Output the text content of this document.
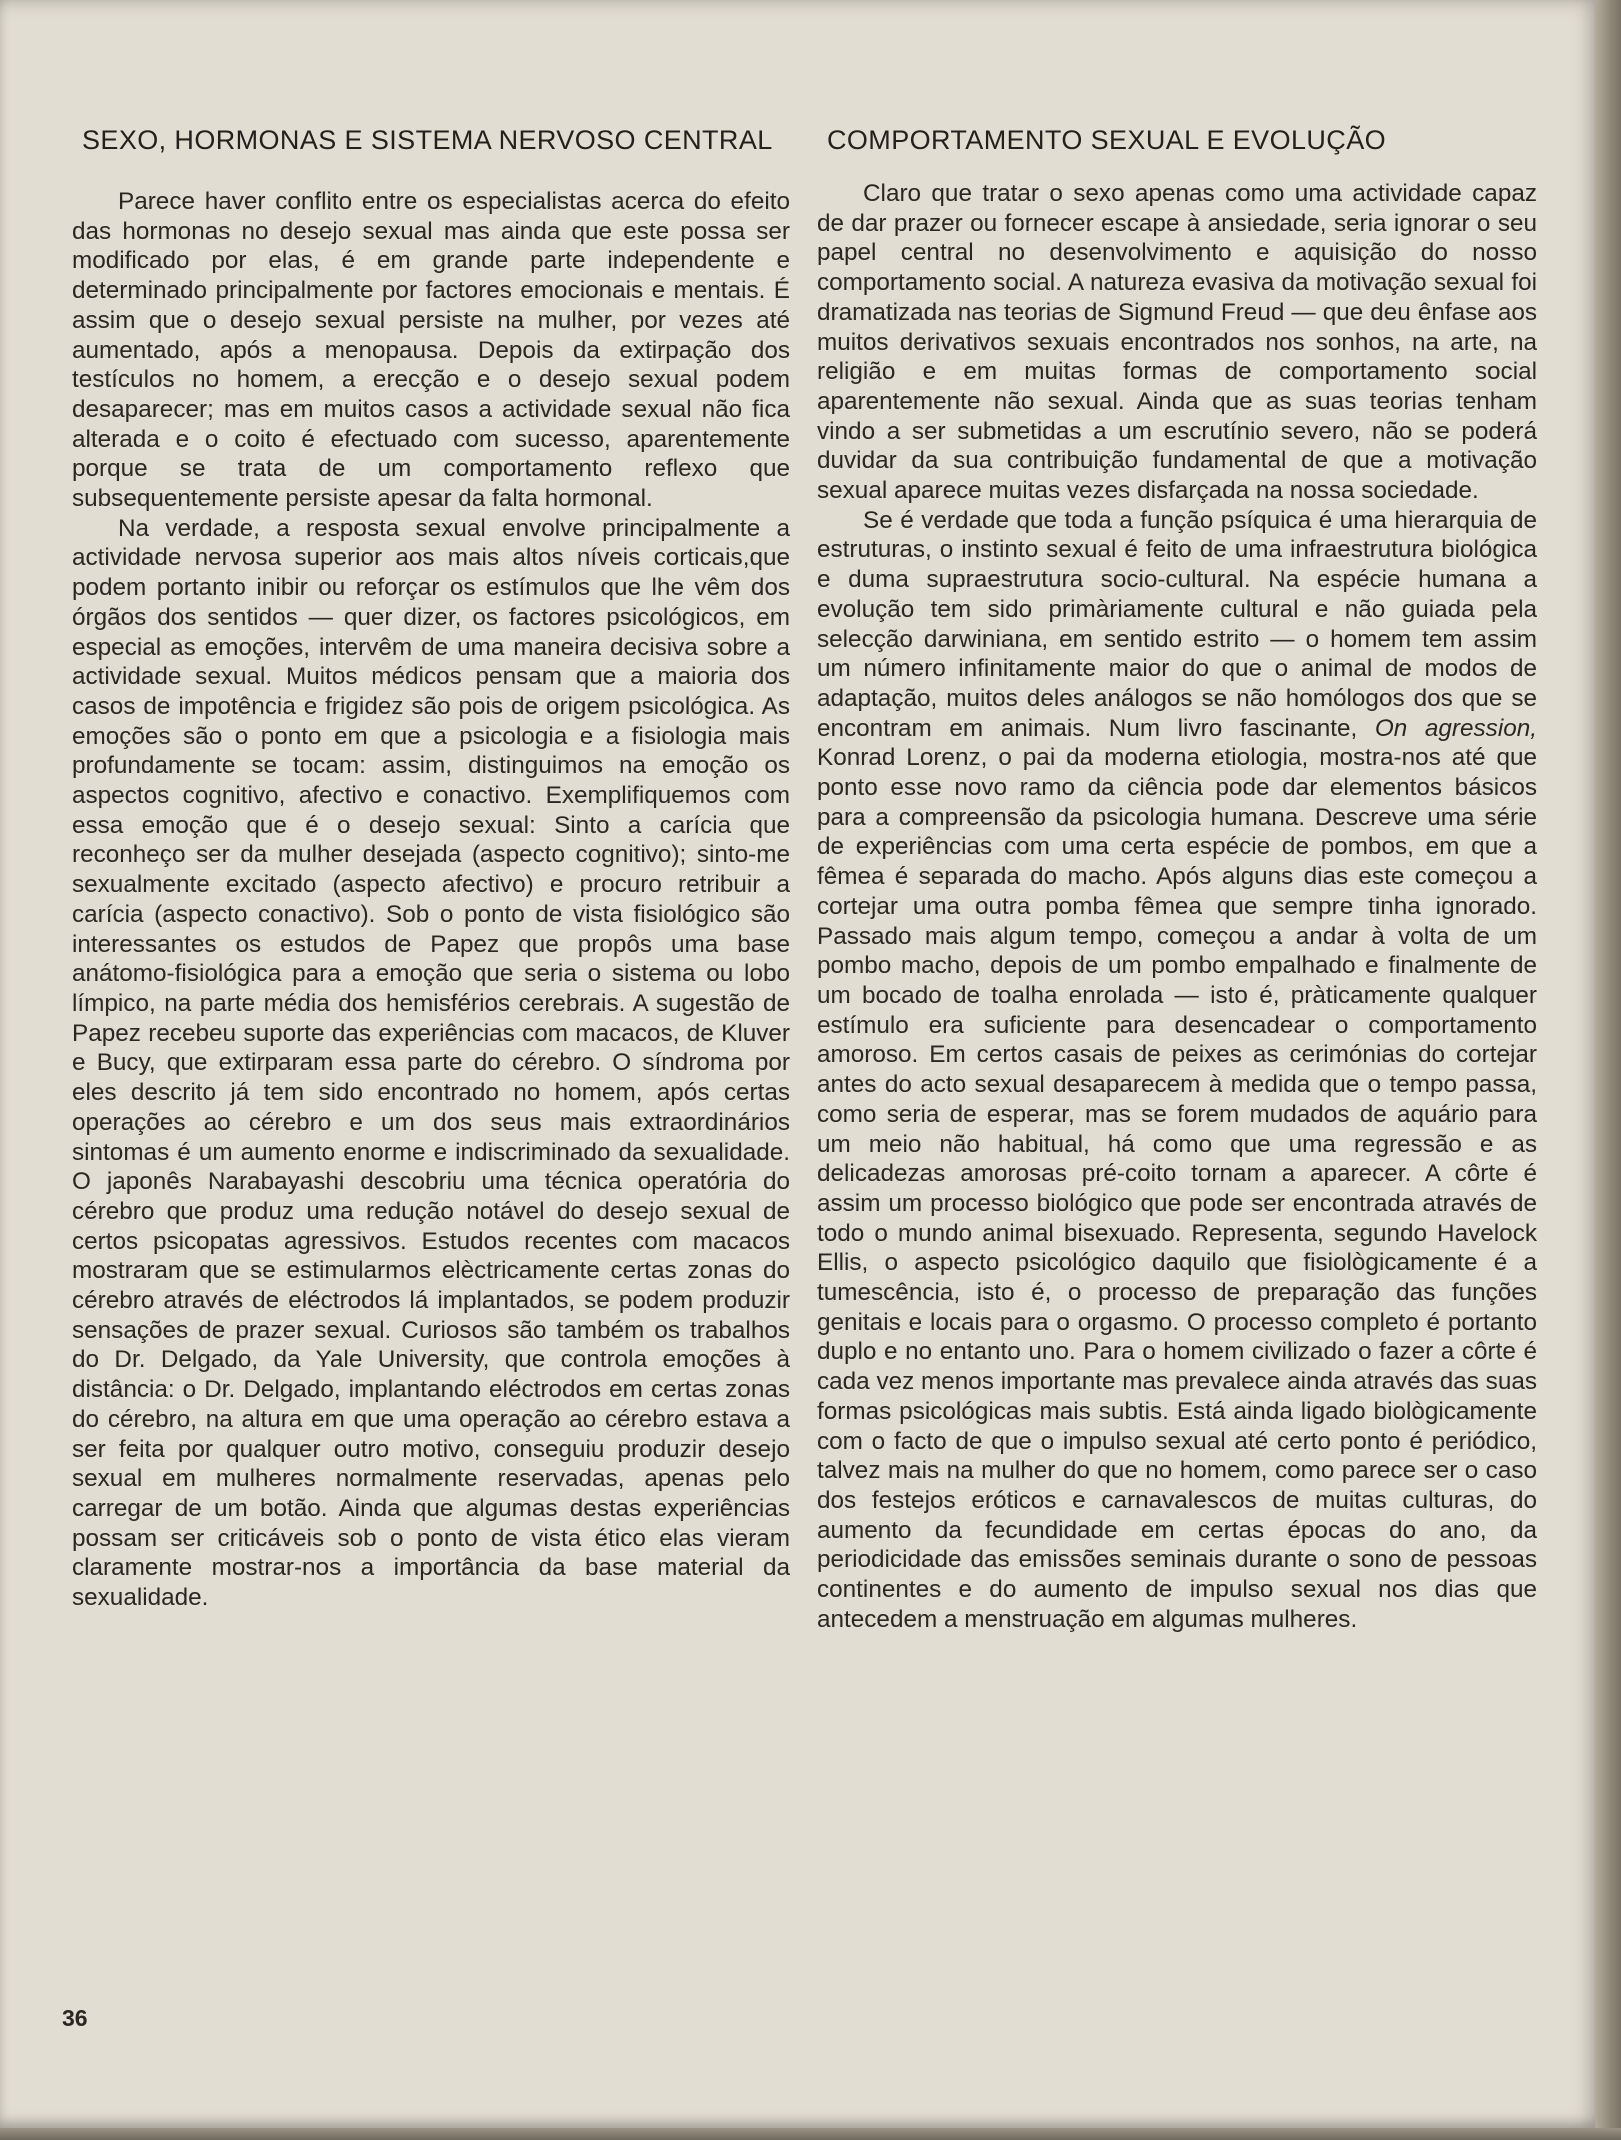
SEXO, HORMONAS E SISTEMA NERVOSO CENTRAL

Parece haver conflito entre os especialistas acerca do efeito das hormonas no desejo sexual mas ainda que este possa ser modificado por elas, é em grande parte independente e determinado principalmente por factores emocionais e mentais. É assim que o desejo sexual persiste na mulher, por vezes até aumentado, após a menopausa. Depois da extirpação dos testículos no homem, a erecção e o desejo sexual podem desaparecer; mas em muitos casos a actividade sexual não fica alterada e o coito é efectuado com sucesso, aparentemente porque se trata de um comportamento reflexo que subsequentemente persiste apesar da falta hormonal.

Na verdade, a resposta sexual envolve principalmente a actividade nervosa superior aos mais altos níveis corticais,que podem portanto inibir ou reforçar os estímulos que lhe vêm dos órgãos dos sentidos — quer dizer, os factores psicológicos, em especial as emoções, intervêm de uma maneira decisiva sobre a actividade sexual. Muitos médicos pensam que a maioria dos casos de impotência e frigidez são pois de origem psicológica. As emoções são o ponto em que a psicologia e a fisiologia mais profundamente se tocam: assim, distinguimos na emoção os aspectos cognitivo, afectivo e conactivo. Exemplifiquemos com essa emoção que é o desejo sexual: Sinto a carícia que reconheço ser da mulher desejada (aspecto cognitivo); sinto-me sexualmente excitado (aspecto afectivo) e procuro retribuir a carícia (aspecto conactivo). Sob o ponto de vista fisiológico são interessantes os estudos de Papez que propôs uma base anátomo-fisiológica para a emoção que seria o sistema ou lobo límpico, na parte média dos hemisférios cerebrais. A sugestão de Papez recebeu suporte das experiências com macacos, de Kluver e Bucy, que extirparam essa parte do cérebro. O síndroma por eles descrito já tem sido encontrado no homem, após certas operações ao cérebro e um dos seus mais extraordinários sintomas é um aumento enorme e indiscriminado da sexualidade. O japonês Narabayashi descobriu uma técnica operatória do cérebro que produz uma redução notável do desejo sexual de certos psicopatas agressivos. Estudos recentes com macacos mostraram que se estimularmos elèctricamente certas zonas do cérebro através de eléctrodos lá implantados, se podem produzir sensações de prazer sexual. Curiosos são também os trabalhos do Dr. Delgado, da Yale University, que controla emoções à distância: o Dr. Delgado, implantando eléctrodos em certas zonas do cérebro, na altura em que uma operação ao cérebro estava a ser feita por qualquer outro motivo, conseguiu produzir desejo sexual em mulheres normalmente reservadas, apenas pelo carregar de um botão. Ainda que algumas destas experiências possam ser criticáveis sob o ponto de vista ético elas vieram claramente mostrar-nos a importância da base material da sexualidade.

COMPORTAMENTO SEXUAL E EVOLUÇÃO

Claro que tratar o sexo apenas como uma actividade capaz de dar prazer ou fornecer escape à ansiedade, seria ignorar o seu papel central no desenvolvimento e aquisição do nosso comportamento social. A natureza evasiva da motivação sexual foi dramatizada nas teorias de Sigmund Freud — que deu ênfase aos muitos derivativos sexuais encontrados nos sonhos, na arte, na religião e em muitas formas de comportamento social aparentemente não sexual. Ainda que as suas teorias tenham vindo a ser submetidas a um escrutínio severo, não se poderá duvidar da sua contribuição fundamental de que a motivação sexual aparece muitas vezes disfarçada na nossa sociedade.

Se é verdade que toda a função psíquica é uma hierarquia de estruturas, o instinto sexual é feito de uma infraestrutura biológica e duma supraestrutura socio-cultural. Na espécie humana a evolução tem sido primàriamente cultural e não guiada pela selecção darwiniana, em sentido estrito — o homem tem assim um número infinitamente maior do que o animal de modos de adaptação, muitos deles análogos se não homólogos dos que se encontram em animais. Num livro fascinante, On agression, Konrad Lorenz, o pai da moderna etiologia, mostra-nos até que ponto esse novo ramo da ciência pode dar elementos básicos para a compreensão da psicologia humana. Descreve uma série de experiências com uma certa espécie de pombos, em que a fêmea é separada do macho. Após alguns dias este começou a cortejar uma outra pomba fêmea que sempre tinha ignorado. Passado mais algum tempo, começou a andar à volta de um pombo macho, depois de um pombo empalhado e finalmente de um bocado de toalha enrolada — isto é, pràticamente qualquer estímulo era suficiente para desencadear o comportamento amoroso. Em certos casais de peixes as cerimónias do cortejar antes do acto sexual desaparecem à medida que o tempo passa, como seria de esperar, mas se forem mudados de aquário para um meio não habitual, há como que uma regressão e as delicadezas amorosas pré-coito tornam a aparecer. A côrte é assim um processo biológico que pode ser encontrada através de todo o mundo animal bisexuado. Representa, segundo Havelock Ellis, o aspecto psicológico daquilo que fisiològicamente é a tumescência, isto é, o processo de preparação das funções genitais e locais para o orgasmo. O processo completo é portanto duplo e no entanto uno. Para o homem civilizado o fazer a côrte é cada vez menos importante mas prevalece ainda através das suas formas psicológicas mais subtis. Está ainda ligado biològicamente com o facto de que o impulso sexual até certo ponto é periódico, talvez mais na mulher do que no homem, como parece ser o caso dos festejos eróticos e carnavalescos de muitas culturas, do aumento da fecundidade em certas épocas do ano, da periodicidade das emissões seminais durante o sono de pessoas continentes e do aumento de impulso sexual nos dias que antecedem a menstruação em algumas mulheres.

36
